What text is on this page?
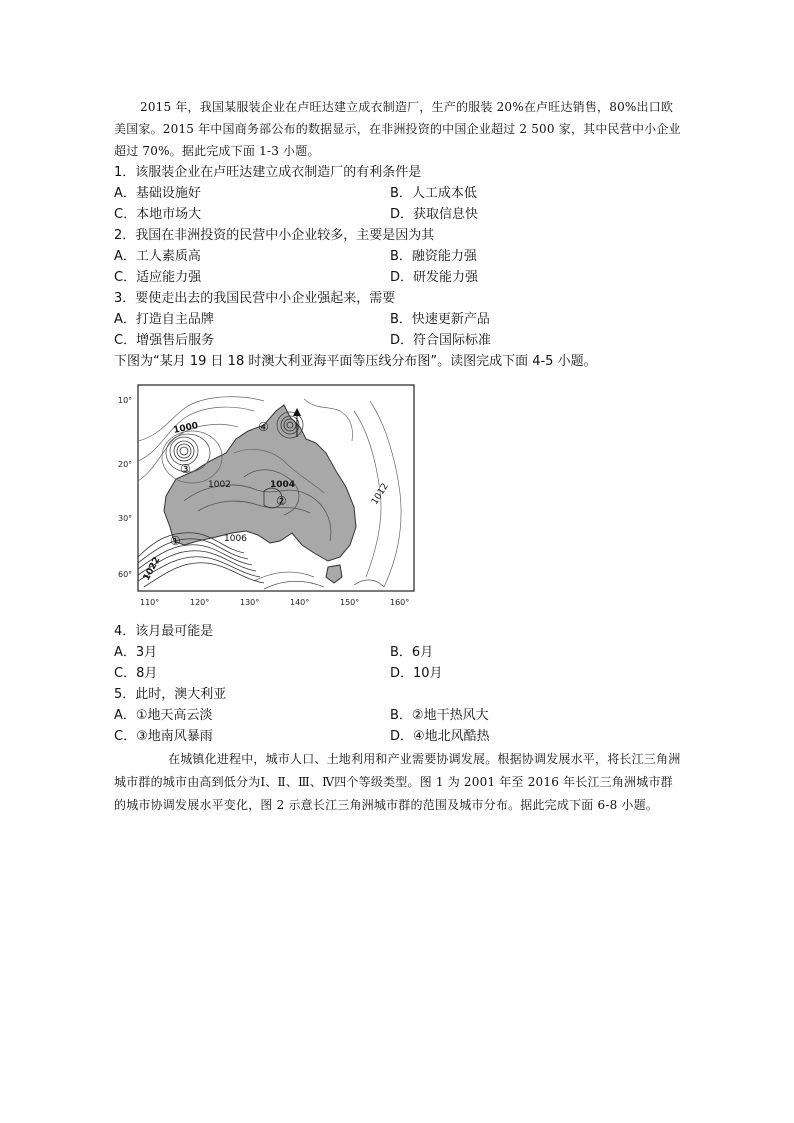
2015 年，我国某服装企业在卢旺达建立成衣制造厂，生产的服装 20%在卢旺达销售，80%出口欧美国家。2015 年中国商务部公布的数据显示，在非洲投资的中国企业超过 2 500 家，其中民营中小企业超过 70%。据此完成下面 1-3 小题。

1．该服装企业在卢旺达建立成衣制造厂的有利条件是

A．基础设施好	B．人工成本低
C．本地市场大	D．获取信息快

2．我国在非洲投资的民营中小企业较多，主要是因为其

A．工人素质高	B．融资能力强
C．适应能力强	D．研发能力强

3．要使走出去的我国民营中小企业强起来，需要

A．打造自主品牌	B．快速更新产品
C．增强售后服务	D．符合国际标准

下图为“某月 19 日 18 时澳大利亚海平面等压线分布图”。读图完成下面 4-5 小题。

10°
20°
30°
60°
110°	120°	130°	140°	150°	160°
1000
1002	1004
1006
1012
1022
①
②
③
④

4．该月最可能是

A．3月	B．6月
C．8月	D．10月

5．此时，澳大利亚

A．①地天高云淡	B．②地干热风大
C．③地南风暴雨	D．④地北风酷热

在城镇化进程中，城市人口、土地利用和产业需要协调发展。根据协调发展水平，将长江三角洲城市群的城市由高到低分为Ⅰ、Ⅱ、Ⅲ、Ⅳ四个等级类型。图 1 为 2001 年至 2016 年长江三角洲城市群的城市协调发展水平变化，图 2 示意长江三角洲城市群的范围及城市分布。据此完成下面 6-8 小题。
